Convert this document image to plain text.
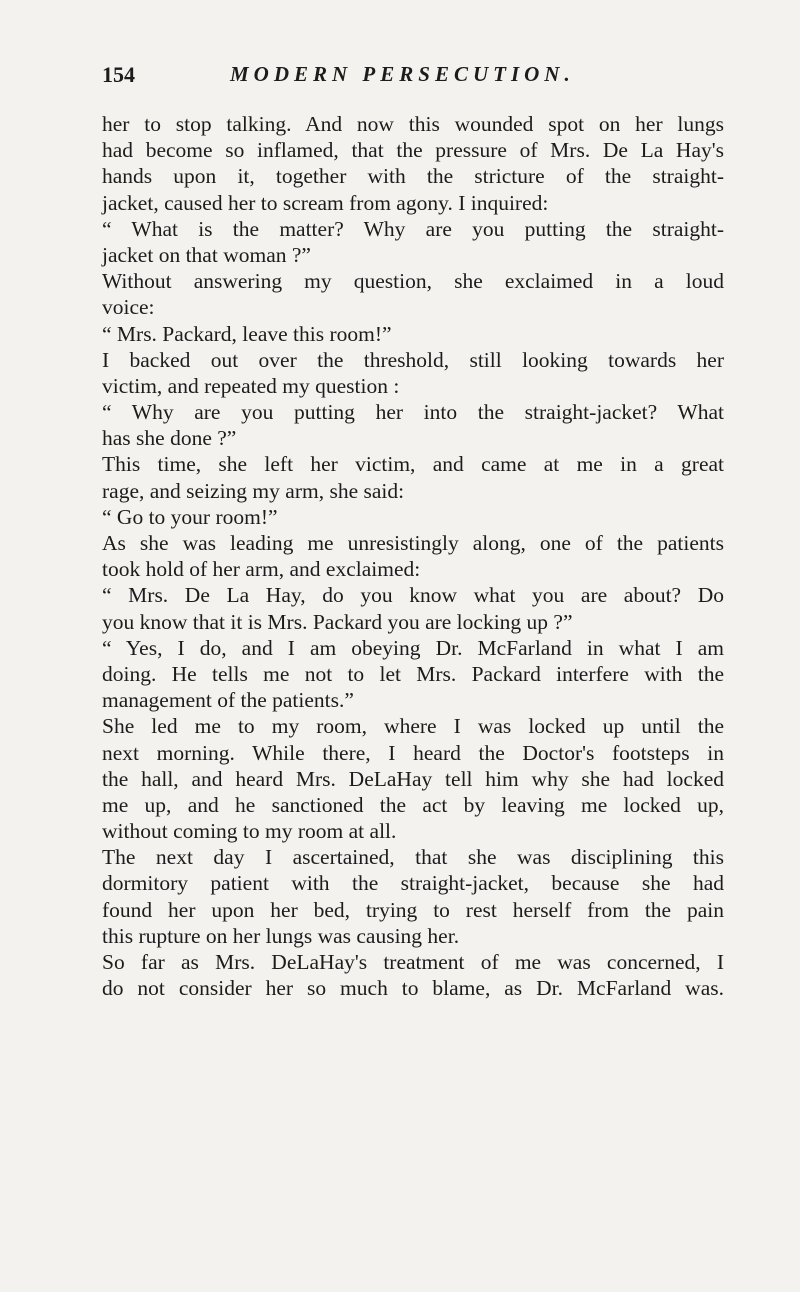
154	MODERN PERSECUTION.
her to stop talking. And now this wounded spot on her lungs
had become so inflamed, that the pressure of Mrs. De La Hay's
hands upon it, together with the stricture of the straight-
jacket, caused her to scream from agony. I inquired:
“ What is the matter? Why are you putting the straight-
jacket on that woman ?”
Without answering my question, she exclaimed in a loud
voice:
“ Mrs. Packard, leave this room!”
I backed out over the threshold, still looking towards her
victim, and repeated my question :
“ Why are you putting her into the straight-jacket? What
has she done ?”
This time, she left her victim, and came at me in a great
rage, and seizing my arm, she said:
“ Go to your room!”
As she was leading me unresistingly along, one of the patients
took hold of her arm, and exclaimed:
“ Mrs. De La Hay, do you know what you are about? Do
you know that it is Mrs. Packard you are locking up ?”
“ Yes, I do, and I am obeying Dr. McFarland in what I am
doing. He tells me not to let Mrs. Packard interfere with the
management of the patients.”
She led me to my room, where I was locked up until the
next morning. While there, I heard the Doctor's footsteps in
the hall, and heard Mrs. DeLaHay tell him why she had locked
me up, and he sanctioned the act by leaving me locked up,
without coming to my room at all.
The next day I ascertained, that she was disciplining this
dormitory patient with the straight-jacket, because she had
found her upon her bed, trying to rest herself from the pain
this rupture on her lungs was causing her.
So far as Mrs. DeLaHay's treatment of me was concerned, I
do not consider her so much to blame, as Dr. McFarland was.
